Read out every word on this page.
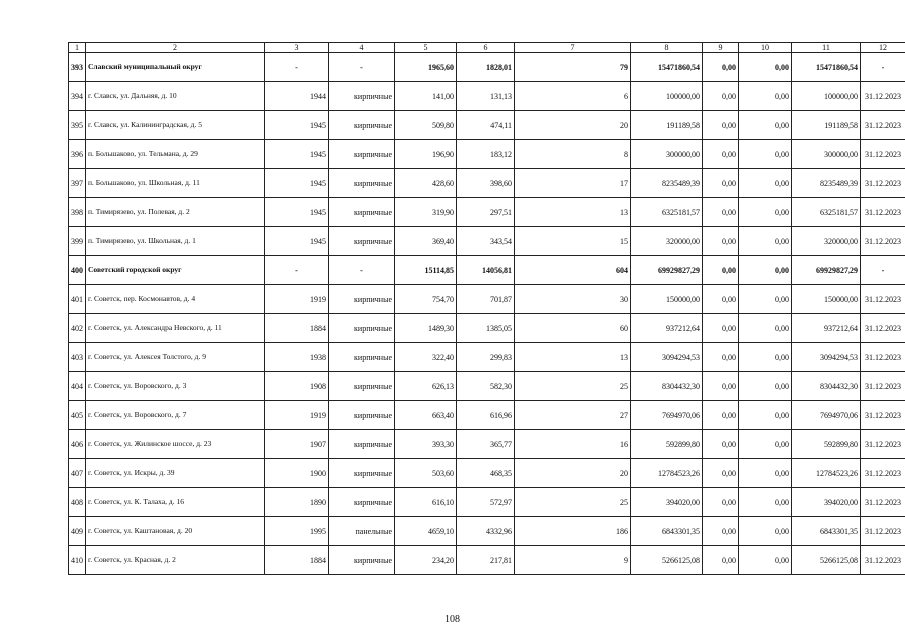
1	2	3	4	5	6	7	8	9	10	11	12
393	Славский муниципальный округ	-	-	1965,60	1828,01	79	15471860,54	0,00	0,00	15471860,54	-
394	г. Славск, ул. Дальняя, д. 10	1944	кирпичные	141,00	131,13	6	100000,00	0,00	0,00	100000,00	31.12.2023
395	г. Славск, ул. Калининградская, д. 5	1945	кирпичные	509,80	474,11	20	191189,58	0,00	0,00	191189,58	31.12.2023
396	п. Большаково, ул. Тельмана, д. 29	1945	кирпичные	196,90	183,12	8	300000,00	0,00	0,00	300000,00	31.12.2023
397	п. Большаково, ул. Школьная, д. 11	1945	кирпичные	428,60	398,60	17	8235489,39	0,00	0,00	8235489,39	31.12.2023
398	п. Тимирязево, ул. Полевая, д. 2	1945	кирпичные	319,90	297,51	13	6325181,57	0,00	0,00	6325181,57	31.12.2023
399	п. Тимирязево, ул. Школьная, д. 1	1945	кирпичные	369,40	343,54	15	320000,00	0,00	0,00	320000,00	31.12.2023
400	Советский городской округ	-	-	15114,85	14056,81	604	69929827,29	0,00	0,00	69929827,29	-
401	г. Советск, пер. Космонавтов, д. 4	1919	кирпичные	754,70	701,87	30	150000,00	0,00	0,00	150000,00	31.12.2023
402	г. Советск, ул. Александра Невского, д. 11	1884	кирпичные	1489,30	1385,05	60	937212,64	0,00	0,00	937212,64	31.12.2023
403	г. Советск, ул. Алексея Толстого, д. 9	1938	кирпичные	322,40	299,83	13	3094294,53	0,00	0,00	3094294,53	31.12.2023
404	г. Советск, ул. Воровского, д. 3	1908	кирпичные	626,13	582,30	25	8304432,30	0,00	0,00	8304432,30	31.12.2023
405	г. Советск, ул. Воровского, д. 7	1919	кирпичные	663,40	616,96	27	7694970,06	0,00	0,00	7694970,06	31.12.2023
406	г. Советск, ул. Жилинское шоссе, д. 23	1907	кирпичные	393,30	365,77	16	592899,80	0,00	0,00	592899,80	31.12.2023
407	г. Советск, ул. Искры, д. 39	1900	кирпичные	503,60	468,35	20	12784523,26	0,00	0,00	12784523,26	31.12.2023
408	г. Советск, ул. К. Талаха, д. 16	1890	кирпичные	616,10	572,97	25	394020,00	0,00	0,00	394020,00	31.12.2023
409	г. Советск, ул. Каштановая, д. 20	1995	панельные	4659,10	4332,96	186	6843301,35	0,00	0,00	6843301,35	31.12.2023
410	г. Советск, ул. Красная, д. 2	1884	кирпичные	234,20	217,81	9	5266125,08	0,00	0,00	5266125,08	31.12.2023
108
